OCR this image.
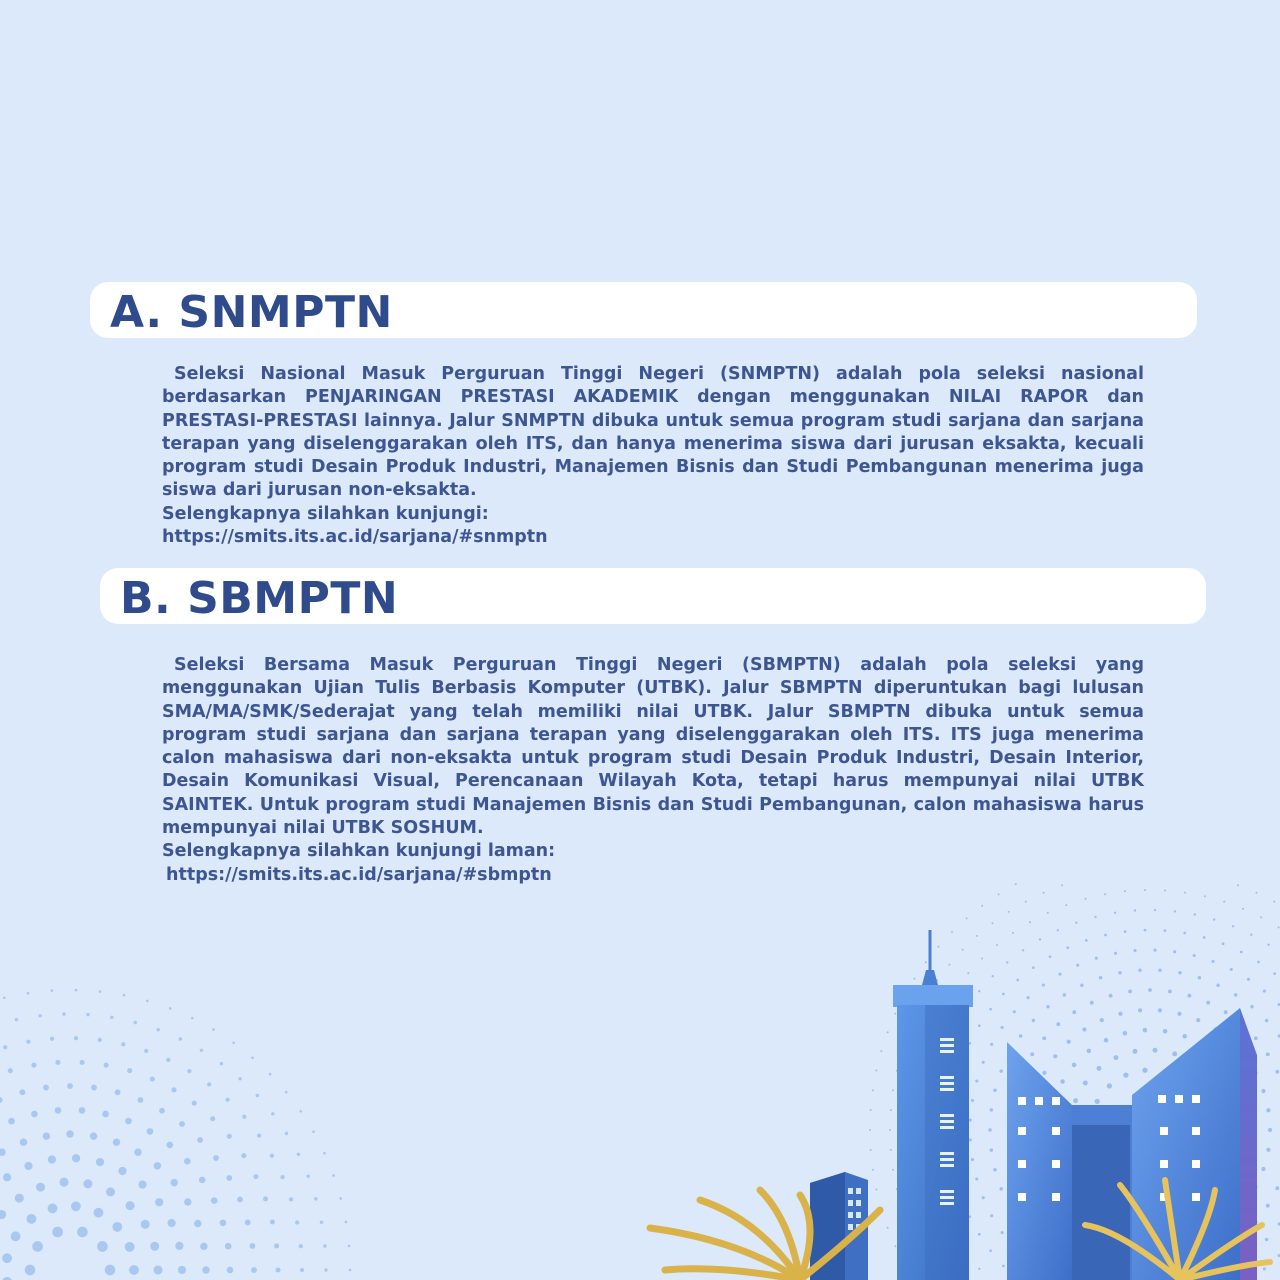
A. SNMPTN

Seleksi Nasional Masuk Perguruan Tinggi Negeri (SNMPTN) adalah pola seleksi nasional berdasarkan PENJARINGAN PRESTASI AKADEMIK dengan menggunakan NILAI RAPOR dan PRESTASI-PRESTASI lainnya. Jalur SNMPTN dibuka untuk semua program studi sarjana dan sarjana terapan yang diselenggarakan oleh ITS, dan hanya menerima siswa dari jurusan eksakta, kecuali program studi Desain Produk Industri, Manajemen Bisnis dan Studi Pembangunan menerima juga siswa dari jurusan non-eksakta.

Selengkapnya silahkan kunjungi:

https://smits.its.ac.id/sarjana/#snmptn

B. SBMPTN

Seleksi Bersama Masuk Perguruan Tinggi Negeri (SBMPTN) adalah pola seleksi yang menggunakan Ujian Tulis Berbasis Komputer (UTBK). Jalur SBMPTN diperuntukan bagi lulusan SMA/MA/SMK/Sederajat yang telah memiliki nilai UTBK. Jalur SBMPTN dibuka untuk semua program studi sarjana dan sarjana terapan yang diselenggarakan oleh ITS. ITS juga menerima calon mahasiswa dari non-eksakta untuk program studi Desain Produk Industri, Desain Interior, Desain Komunikasi Visual, Perencanaan Wilayah Kota, tetapi harus mempunyai nilai UTBK SAINTEK. Untuk program studi Manajemen Bisnis dan Studi Pembangunan, calon mahasiswa harus mempunyai nilai UTBK SOSHUM.

Selengkapnya silahkan kunjungi laman:

https://smits.its.ac.id/sarjana/#sbmptn
